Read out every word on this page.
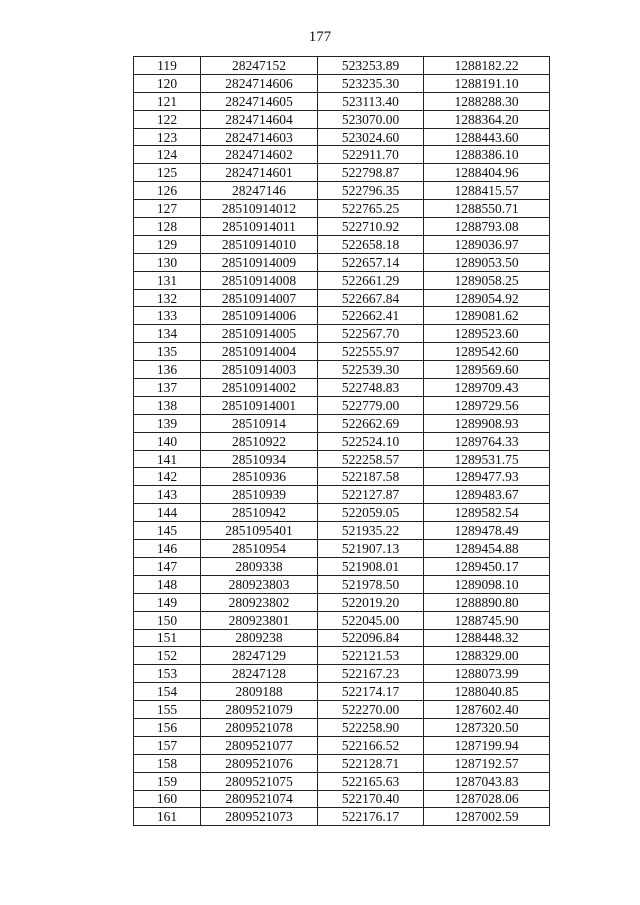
177
119	28247152	523253.89	1288182.22
120	2824714606	523235.30	1288191.10
121	2824714605	523113.40	1288288.30
122	2824714604	523070.00	1288364.20
123	2824714603	523024.60	1288443.60
124	2824714602	522911.70	1288386.10
125	2824714601	522798.87	1288404.96
126	28247146	522796.35	1288415.57
127	28510914012	522765.25	1288550.71
128	28510914011	522710.92	1288793.08
129	28510914010	522658.18	1289036.97
130	28510914009	522657.14	1289053.50
131	28510914008	522661.29	1289058.25
132	28510914007	522667.84	1289054.92
133	28510914006	522662.41	1289081.62
134	28510914005	522567.70	1289523.60
135	28510914004	522555.97	1289542.60
136	28510914003	522539.30	1289569.60
137	28510914002	522748.83	1289709.43
138	28510914001	522779.00	1289729.56
139	28510914	522662.69	1289908.93
140	28510922	522524.10	1289764.33
141	28510934	522258.57	1289531.75
142	28510936	522187.58	1289477.93
143	28510939	522127.87	1289483.67
144	28510942	522059.05	1289582.54
145	2851095401	521935.22	1289478.49
146	28510954	521907.13	1289454.88
147	2809338	521908.01	1289450.17
148	280923803	521978.50	1289098.10
149	280923802	522019.20	1288890.80
150	280923801	522045.00	1288745.90
151	2809238	522096.84	1288448.32
152	28247129	522121.53	1288329.00
153	28247128	522167.23	1288073.99
154	2809188	522174.17	1288040.85
155	2809521079	522270.00	1287602.40
156	2809521078	522258.90	1287320.50
157	2809521077	522166.52	1287199.94
158	2809521076	522128.71	1287192.57
159	2809521075	522165.63	1287043.83
160	2809521074	522170.40	1287028.06
161	2809521073	522176.17	1287002.59
